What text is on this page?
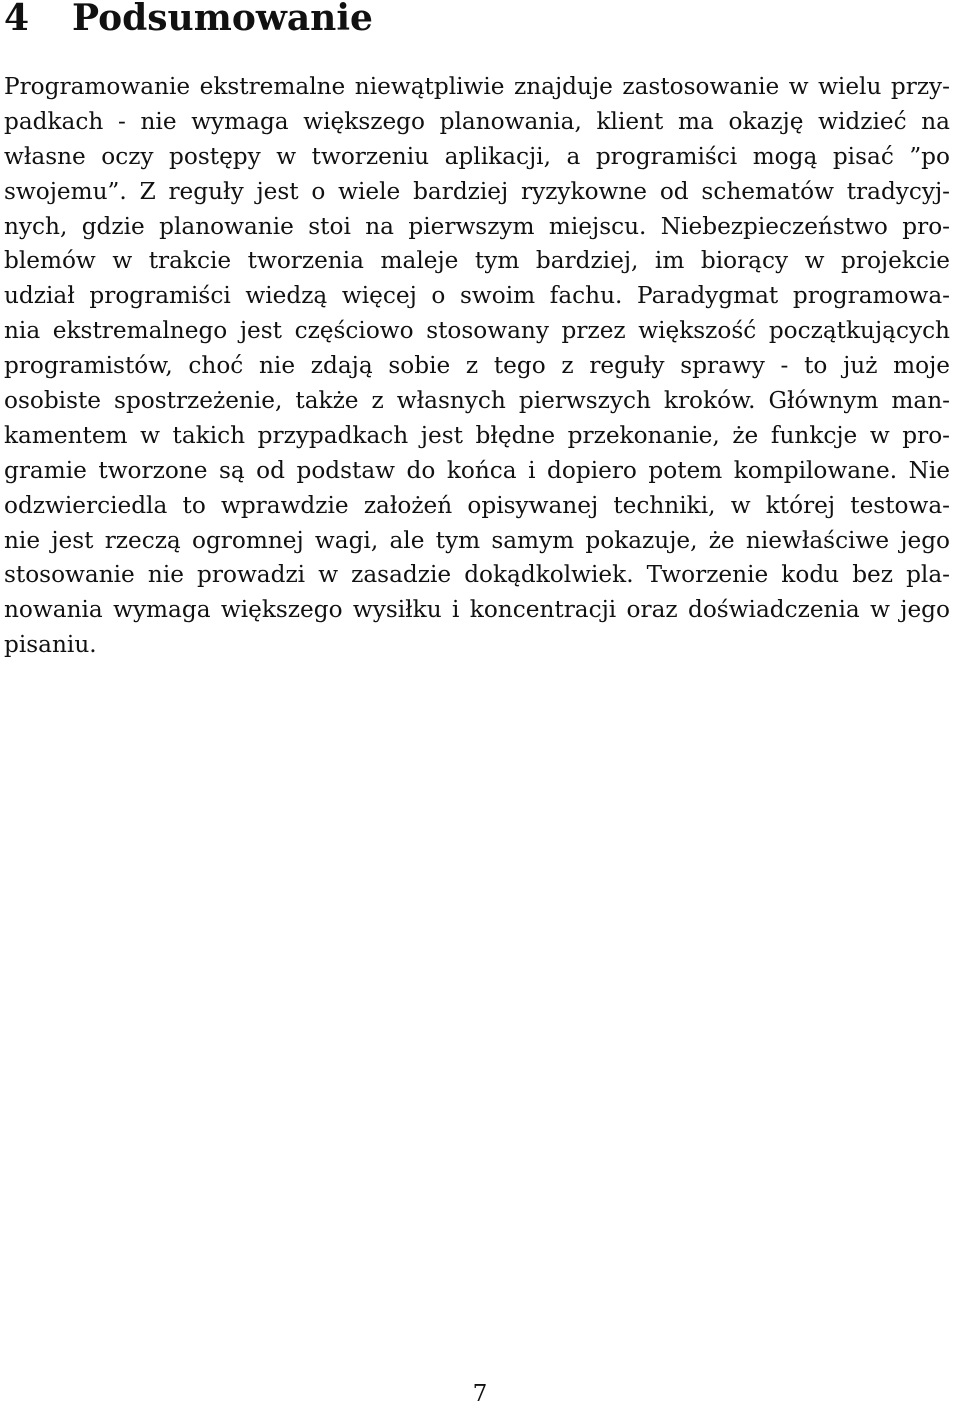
4 Podsumowanie
Programowanie ekstremalne niewątpliwie znajduje zastosowanie w wielu przy-
padkach - nie wymaga większego planowania, klient ma okazję widzieć na
własne oczy postępy w tworzeniu aplikacji, a programiści mogą pisać ”po
swojemu”. Z reguły jest o wiele bardziej ryzykowne od schematów tradycyj-
nych, gdzie planowanie stoi na pierwszym miejscu. Niebezpieczeństwo pro-
blemów w trakcie tworzenia maleje tym bardziej, im biorący w projekcie
udział programiści wiedzą więcej o swoim fachu. Paradygmat programowa-
nia ekstremalnego jest częściowo stosowany przez większość początkujących
programistów, choć nie zdają sobie z tego z reguły sprawy - to już moje
osobiste spostrzeżenie, także z własnych pierwszych kroków. Głównym man-
kamentem w takich przypadkach jest błędne przekonanie, że funkcje w pro-
gramie tworzone są od podstaw do końca i dopiero potem kompilowane. Nie
odzwierciedla to wprawdzie założeń opisywanej techniki, w której testowa-
nie jest rzeczą ogromnej wagi, ale tym samym pokazuje, że niewłaściwe jego
stosowanie nie prowadzi w zasadzie dokądkolwiek. Tworzenie kodu bez pla-
nowania wymaga większego wysiłku i koncentracji oraz doświadczenia w jego
pisaniu.

7
